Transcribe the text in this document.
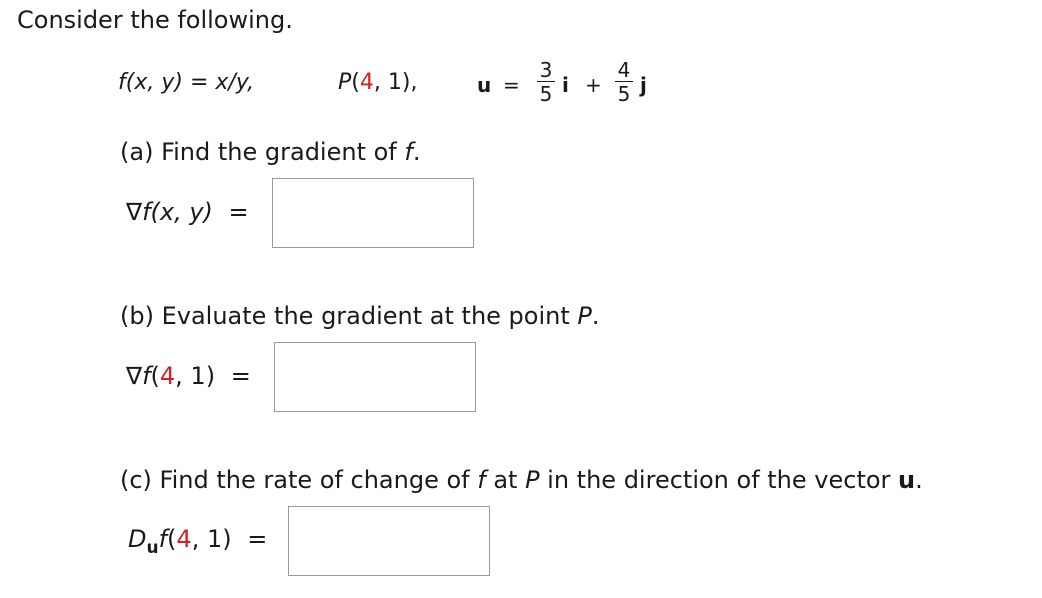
Consider the following.
f(x, y) = x/y,	P(4, 1),	u =
3
5 i +
4
5 j
(a) Find the gradient of f.
∇f(x, y) =
(b) Evaluate the gradient at the point P.
∇f(4, 1) =
(c) Find the rate of change of f at P in the direction of the vector u.
$D_uf(4$, 1) =
